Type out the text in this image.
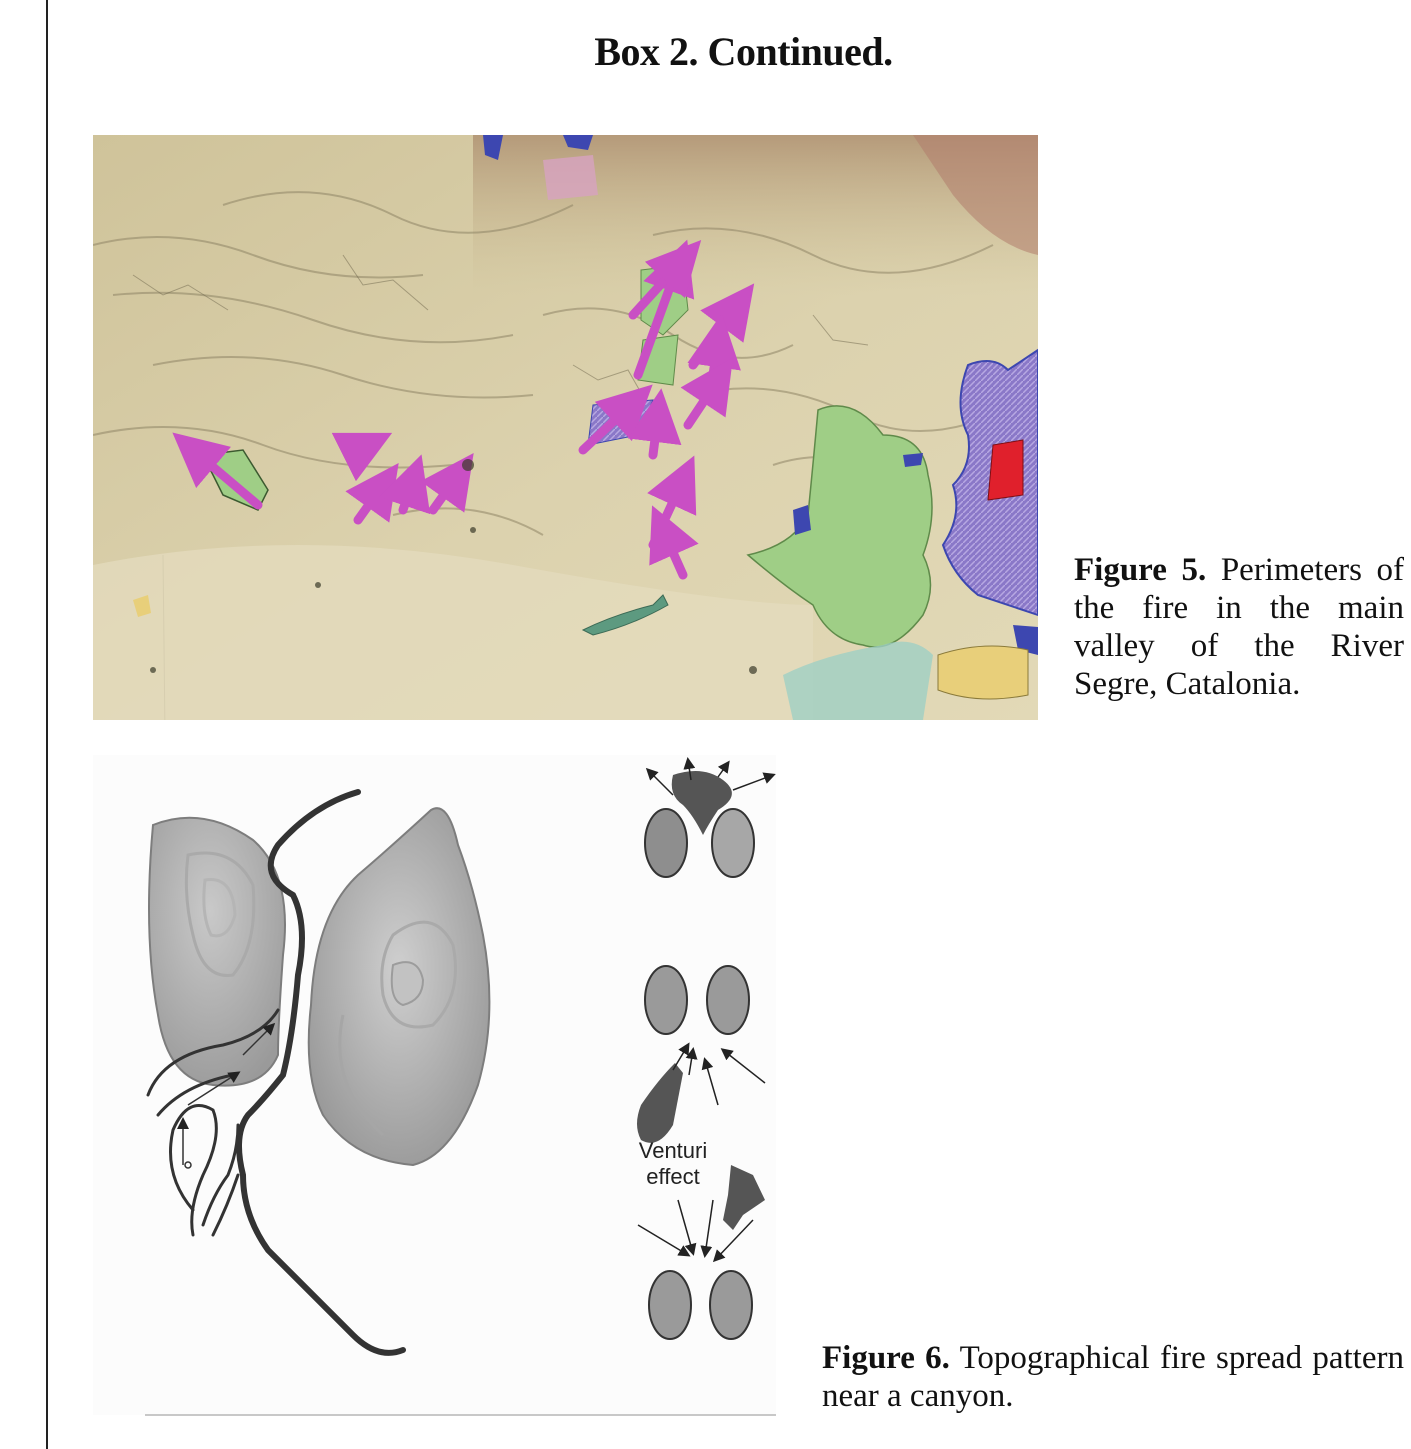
Box 2. Continued.
Figure 5. Perimeters of the fire in the main valley of the River Segre, Catalonia.
Venturi
effect
Figure 6. Topographical fire spread pattern near a canyon.
